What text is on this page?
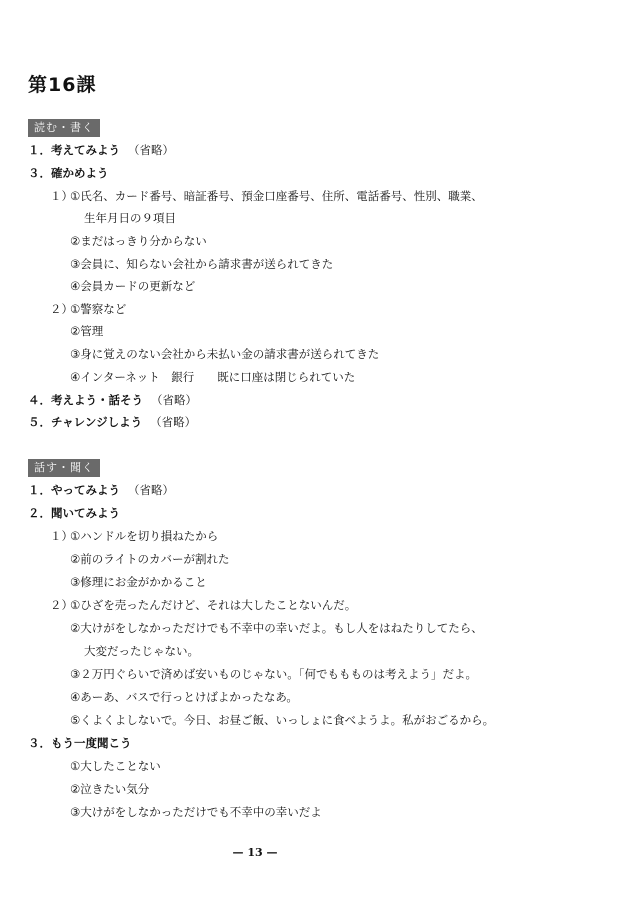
第16課
読む・書く
１．考えてみよう （省略）
３．確かめよう
１）
①氏名、カード番号、暗証番号、預金口座番号、住所、電話番号、性別、職業、
生年月日の９項目
②まだはっきり分からない
③会員に、知らない会社から請求書が送られてきた
④会員カードの更新など
２）
①警察など
②管理
③身に覚えのない会社から未払い金の請求書が送られてきた
④インターネット　銀行　　既に口座は閉じられていた
４．考えよう・話そう （省略）
５．チャレンジしよう （省略）
話す・聞く
１．やってみよう （省略）
２．聞いてみよう
１）
①ハンドルを切り損ねたから
②前のライトのカバーが割れた
③修理にお金がかかること
２）
①ひざを売ったんだけど、それは大したことないんだ。
②大けがをしなかっただけでも不幸中の幸いだよ。もし人をはねたりしてたら、
大変だったじゃない。
③２万円ぐらいで済めば安いものじゃない。「何でももものは考えよう」だよ。
④あーあ、バスで行っとけばよかったなあ。
⑤くよくよしないで。今日、お昼ご飯、いっしょに食べようよ。私がおごるから。
３．もう一度聞こう
①大したことない
②泣きたい気分
③大けがをしなかっただけでも不幸中の幸いだよ
— 13 —
